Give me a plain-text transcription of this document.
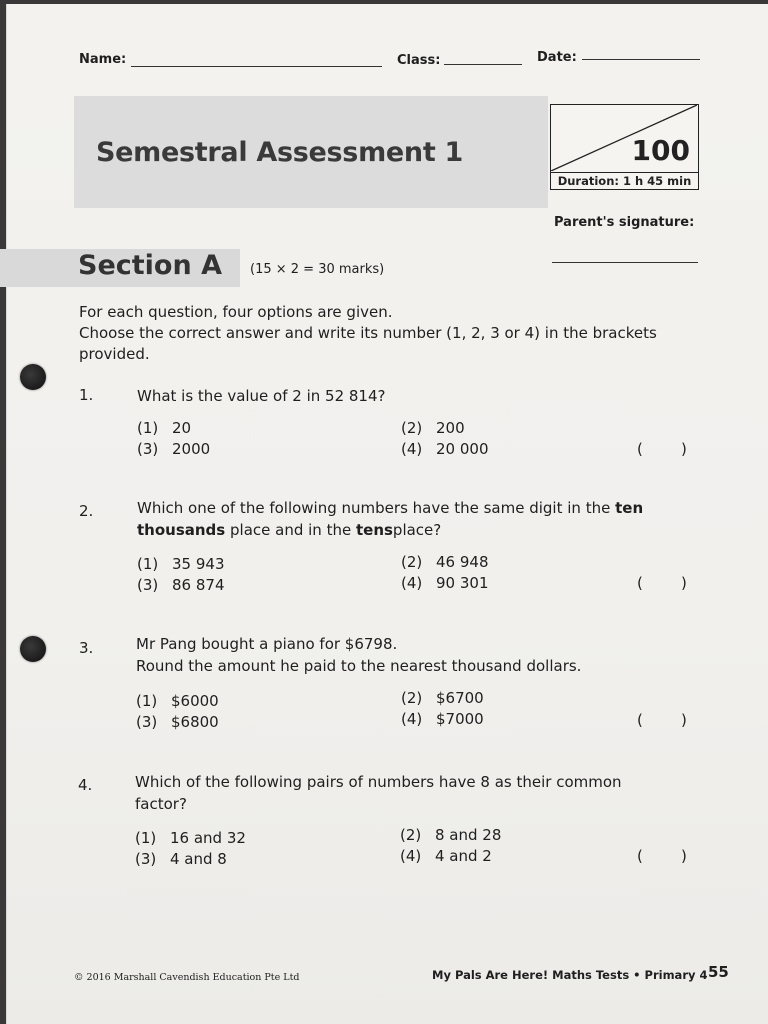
Name:	Class:	Date:
Semestral Assessment 1	100
Duration: 1 h 45 min
Parent's signature:
Section A (15 × 2 = 30 marks)
For each question, four options are given.
Choose the correct answer and write its number (1, 2, 3 or 4) in the brackets provided.
1.	What is the value of 2 in 52 814?
(1) 20	(2) 200
(3) 2000	(4) 20 000	(        )
2.	Which one of the following numbers have the same digit in the ten thousands place and in the tensplace?
(1) 35 943	(2) 46 948
(3) 86 874	(4) 90 301	(        )
3.	Mr Pang bought a piano for $6798.
Round the amount he paid to the nearest thousand dollars.
(1) $6000	(2) $6700
(3) $6800	(4) $7000	(        )
4.	Which of the following pairs of numbers have 8 as their common
factor?
(1) 16 and 32	(2) 8 and 28
(3) 4 and 8	(4) 4 and 2	(        )
© 2016 Marshall Cavendish Education Pte Ltd	My Pals Are Here! Maths Tests • Primary 4 55
